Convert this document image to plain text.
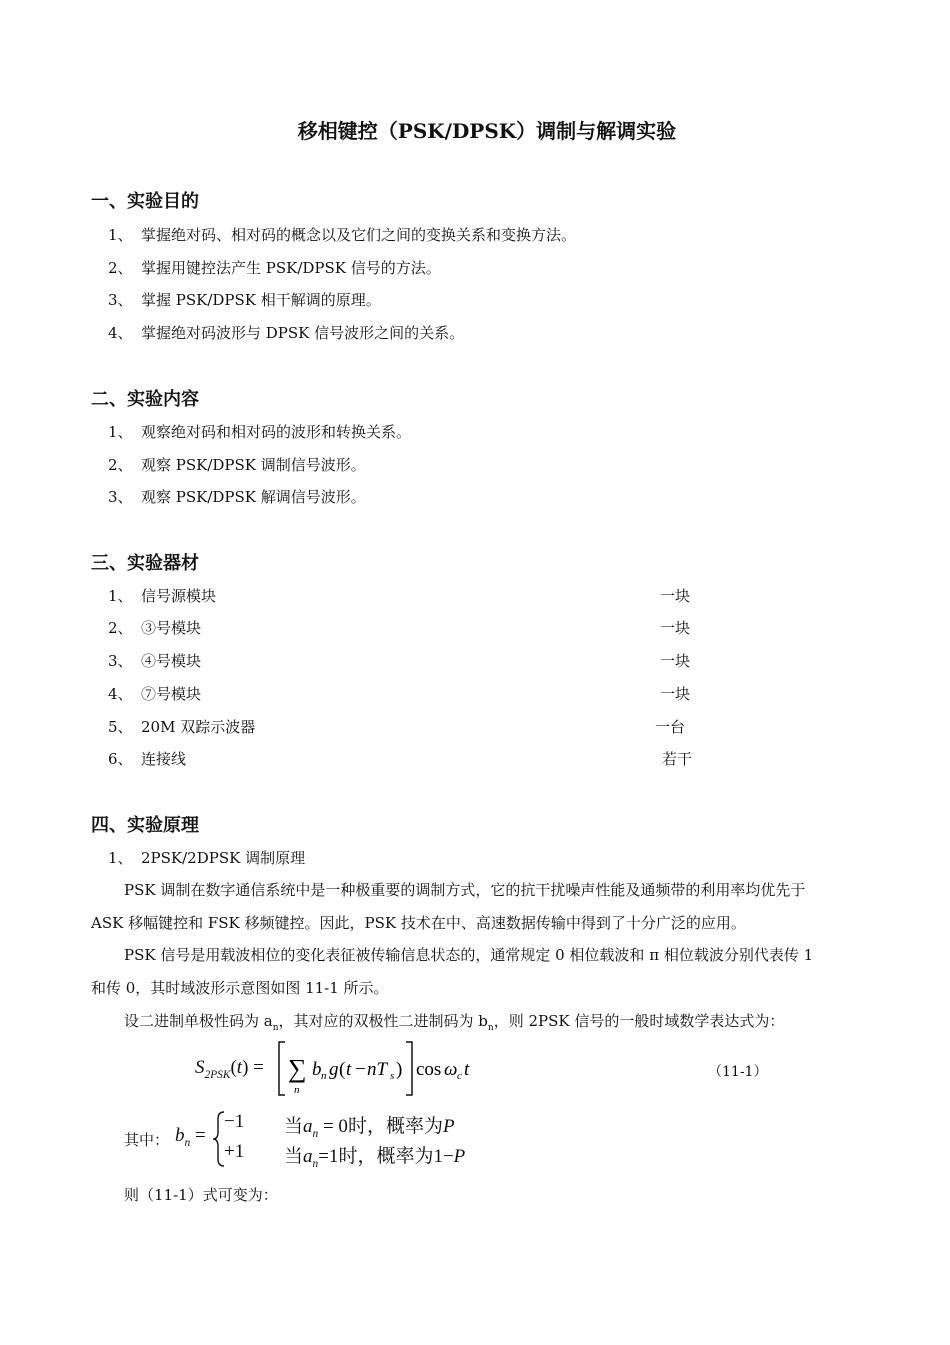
移相键控（PSK/DPSK）调制与解调实验
一、实验目的
1、 掌握绝对码、相对码的概念以及它们之间的变换关系和变换方法。
2、 掌握用键控法产生 PSK/DPSK 信号的方法。
3、 掌握 PSK/DPSK 相干解调的原理。
4、 掌握绝对码波形与 DPSK 信号波形之间的关系。
二、实验内容
1、 观察绝对码和相对码的波形和转换关系。
2、 观察 PSK/DPSK 调制信号波形。
3、 观察 PSK/DPSK 解调信号波形。
三、实验器材
1、 信号源模块	一块
2、 ③号模块	一块
3、 ④号模块	一块
4、 ⑦号模块	一块
5、 20M 双踪示波器	一台
6、 连接线	若干
四、实验原理
1、 2PSK/2DPSK 调制原理
PSK 调制在数字通信系统中是一种极重要的调制方式，它的抗干扰噪声性能及通频带的利用率均优先于
ASK 移幅键控和 FSK 移频键控。因此，PSK 技术在中、高速数据传输中得到了十分广泛的应用。
PSK 信号是用载波相位的变化表征被传输信息状态的，通常规定 0 相位载波和 π 相位载波分别代表传 1
和传 0，其时域波形示意图如图 11-1 所示。
设二进制单极性码为 $a_n$，其对应的双极性二进制码为 $b_n$，则 2PSK 信号的一般时域数学表达式为：
$S_{2PSK}(t)$ = ∑
n
b n g ( t − nT s ) cos ω c t	（11-1）
其中： $b_n$ =
−1 当$a_n = 0$时，概率为P
+1 当$a_n=1$时，概率为1−P
则（11-1）式可变为：
